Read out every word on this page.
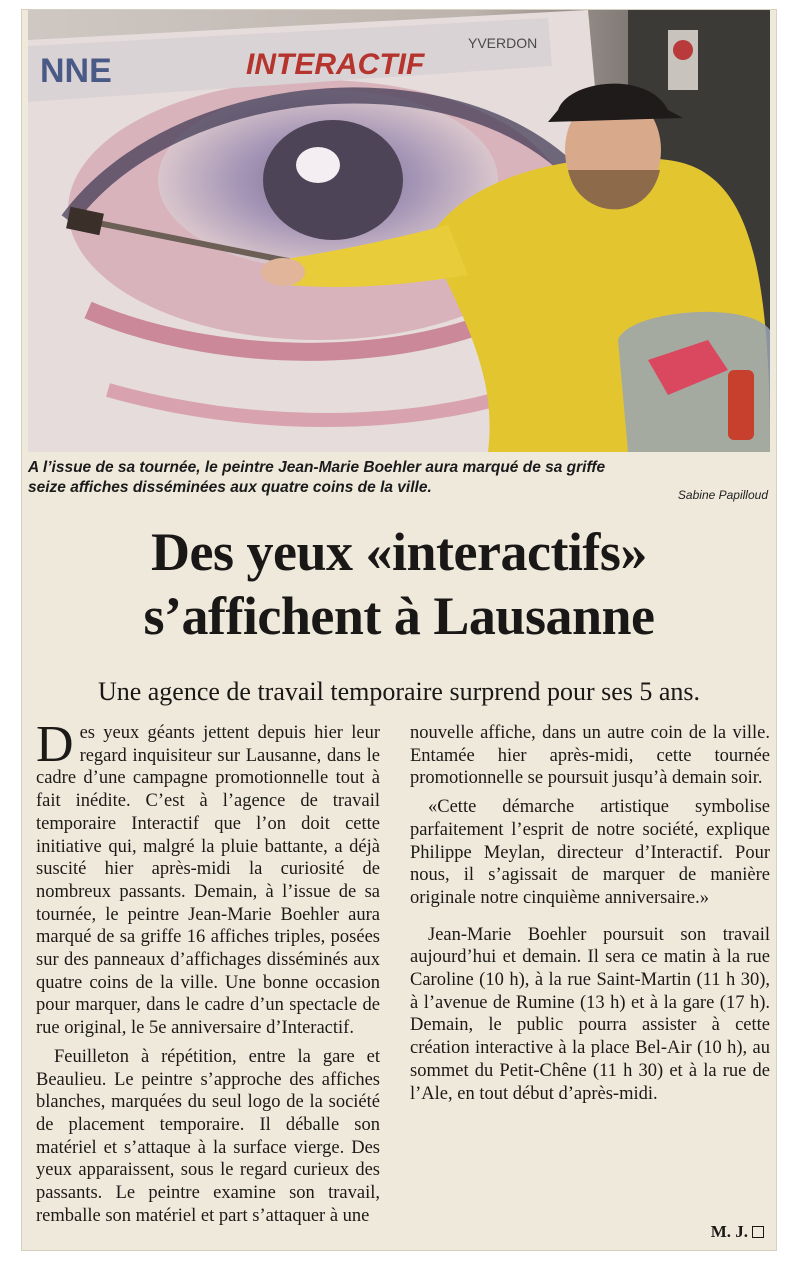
NNE	INTERACTIF
YVERDON
A l’issue de sa tournée, le peintre Jean-Marie Boehler aura marqué de sa griffe
seize affiches disséminées aux quatre coins de la ville.	Sabine Papilloud
Des yeux «interactifs»
s’affichent à Lausanne
Une agence de travail temporaire surprend pour ses 5 ans.

Des yeux géants jettent depuis hier leur regard inquisiteur sur Lausanne, dans le cadre d’une campagne promotionnelle tout à fait inédite. C’est à l’agence de travail temporaire Interactif que l’on doit cette initiative qui, malgré la pluie battante, a déjà suscité hier après-midi la curiosité de nombreux passants. Demain, à l’issue de sa tournée, le peintre Jean-Marie Boehler aura marqué de sa griffe 16 affiches triples, posées sur des panneaux d’affichages disséminés aux quatre coins de la ville. Une bonne occasion pour marquer, dans le cadre d’un spectacle de rue original, le 5e anniversaire d’Interactif.

Feuilleton à répétition, entre la gare et Beaulieu. Le peintre s’approche des affiches blanches, marquées du seul logo de la société de placement temporaire. Il déballe son matériel et s’attaque à la surface vierge. Des yeux apparaissent, sous le regard curieux des passants. Le peintre examine son travail, remballe son matériel et part s’attaquer à une

nouvelle affiche, dans un autre coin de la ville. Entamée hier après-midi, cette tournée promotionnelle se poursuit jusqu’à demain soir.

«Cette démarche artistique symbolise parfaitement l’esprit de notre société, explique Philippe Meylan, directeur d’Interactif. Pour nous, il s’agissait de marquer de manière originale notre cinquième anniversaire.»

Jean-Marie Boehler poursuit son travail aujourd’hui et demain. Il sera ce matin à la rue Caroline (10 h), à la rue Saint-Martin (11 h 30), à l’avenue de Rumine (13 h) et à la gare (17 h). Demain, le public pourra assister à cette création interactive à la place Bel-Air (10 h), au sommet du Petit-Chêne (11 h 30) et à la rue de l’Ale, en tout début d’après-midi.

M. J.
